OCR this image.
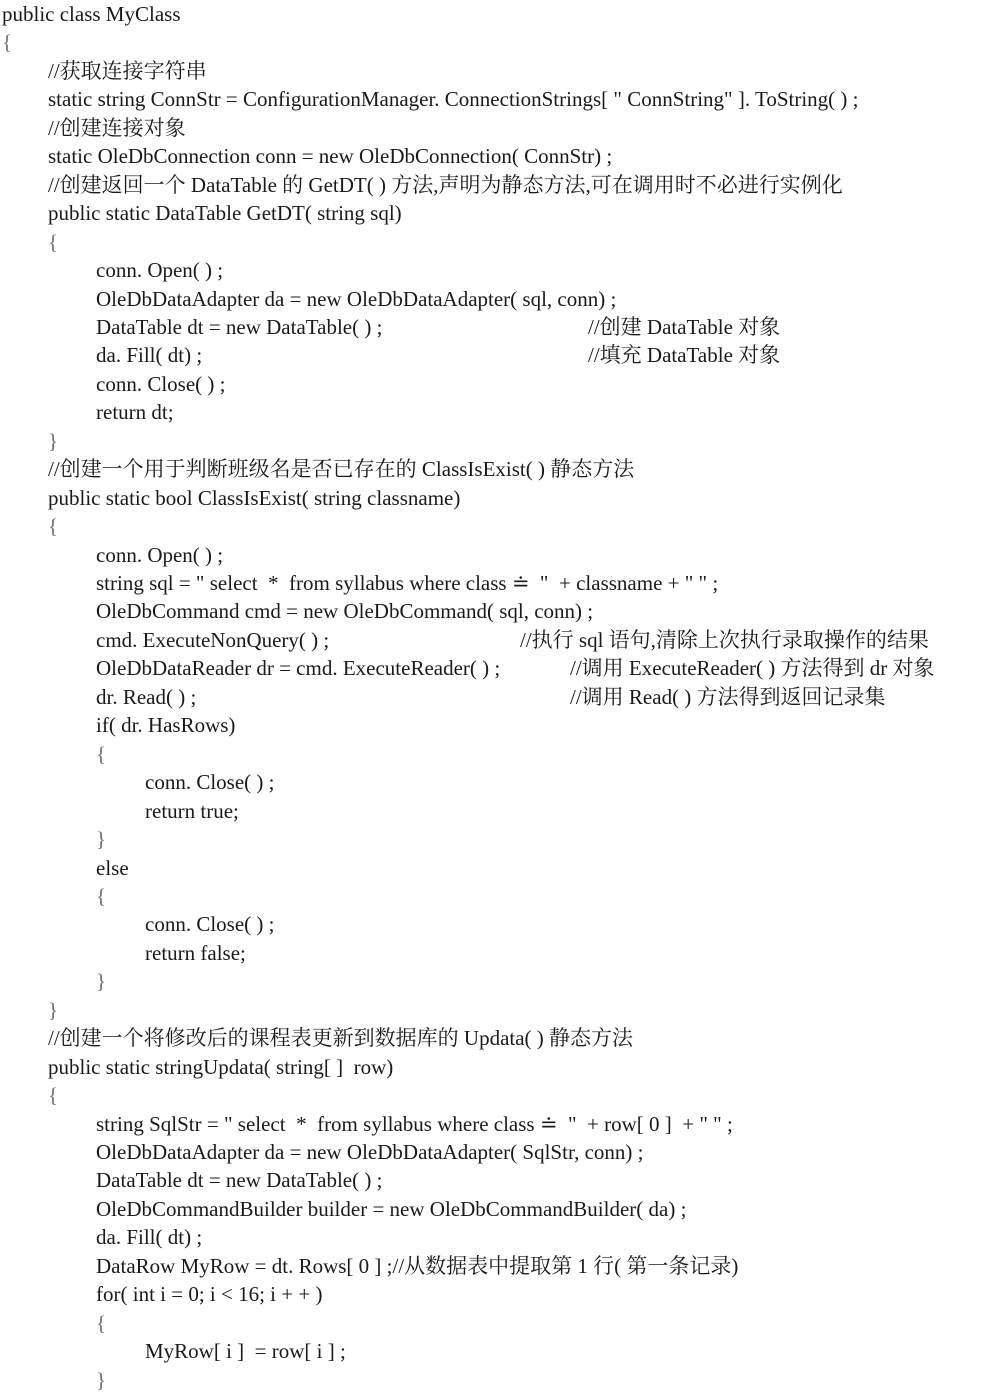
public class MyClass
{
//获取连接字符串
static string ConnStr = ConfigurationManager. ConnectionStrings[ " ConnString" ]. ToString( ) ;
//创建连接对象
static OleDbConnection conn = new OleDbConnection( ConnStr) ;
//创建返回一个 DataTable 的 GetDT( ) 方法,声明为静态方法,可在调用时不必进行实例化
public static DataTable GetDT( string sql)
{
conn. Open( ) ;
OleDbDataAdapter da = new OleDbDataAdapter( sql, conn) ;
DataTable dt = new DataTable( ) ;	//创建 DataTable 对象
da. Fill( dt) ;	//填充 DataTable 对象
conn. Close( ) ;
return dt;
}
//创建一个用于判断班级名是否已存在的 ClassIsExist( ) 静态方法
public static bool ClassIsExist( string classname)
{
conn. Open( ) ;
string sql = " select  *  from syllabus where class ≐  "  + classname + " " ;
OleDbCommand cmd = new OleDbCommand( sql, conn) ;
cmd. ExecuteNonQuery( ) ;	//执行 sql 语句,清除上次执行录取操作的结果
OleDbDataReader dr = cmd. ExecuteReader( ) ;	//调用 ExecuteReader( ) 方法得到 dr 对象
dr. Read( ) ;	//调用 Read( ) 方法得到返回记录集
if( dr. HasRows)
{
conn. Close( ) ;
return true;
}
else
{
conn. Close( ) ;
return false;
}
}
//创建一个将修改后的课程表更新到数据库的 Updata( ) 静态方法
public static stringUpdata( string[ ]  row)
{
string SqlStr = " select  *  from syllabus where class ≐  "  + row[ 0 ]  + " " ;
OleDbDataAdapter da = new OleDbDataAdapter( SqlStr, conn) ;
DataTable dt = new DataTable( ) ;
OleDbCommandBuilder builder = new OleDbCommandBuilder( da) ;
da. Fill( dt) ;
DataRow MyRow = dt. Rows[ 0 ] ;//从数据表中提取第 1 行( 第一条记录)
for( int i = 0; i < 16; i + + )
{
MyRow[ i ]  = row[ i ] ;
}
